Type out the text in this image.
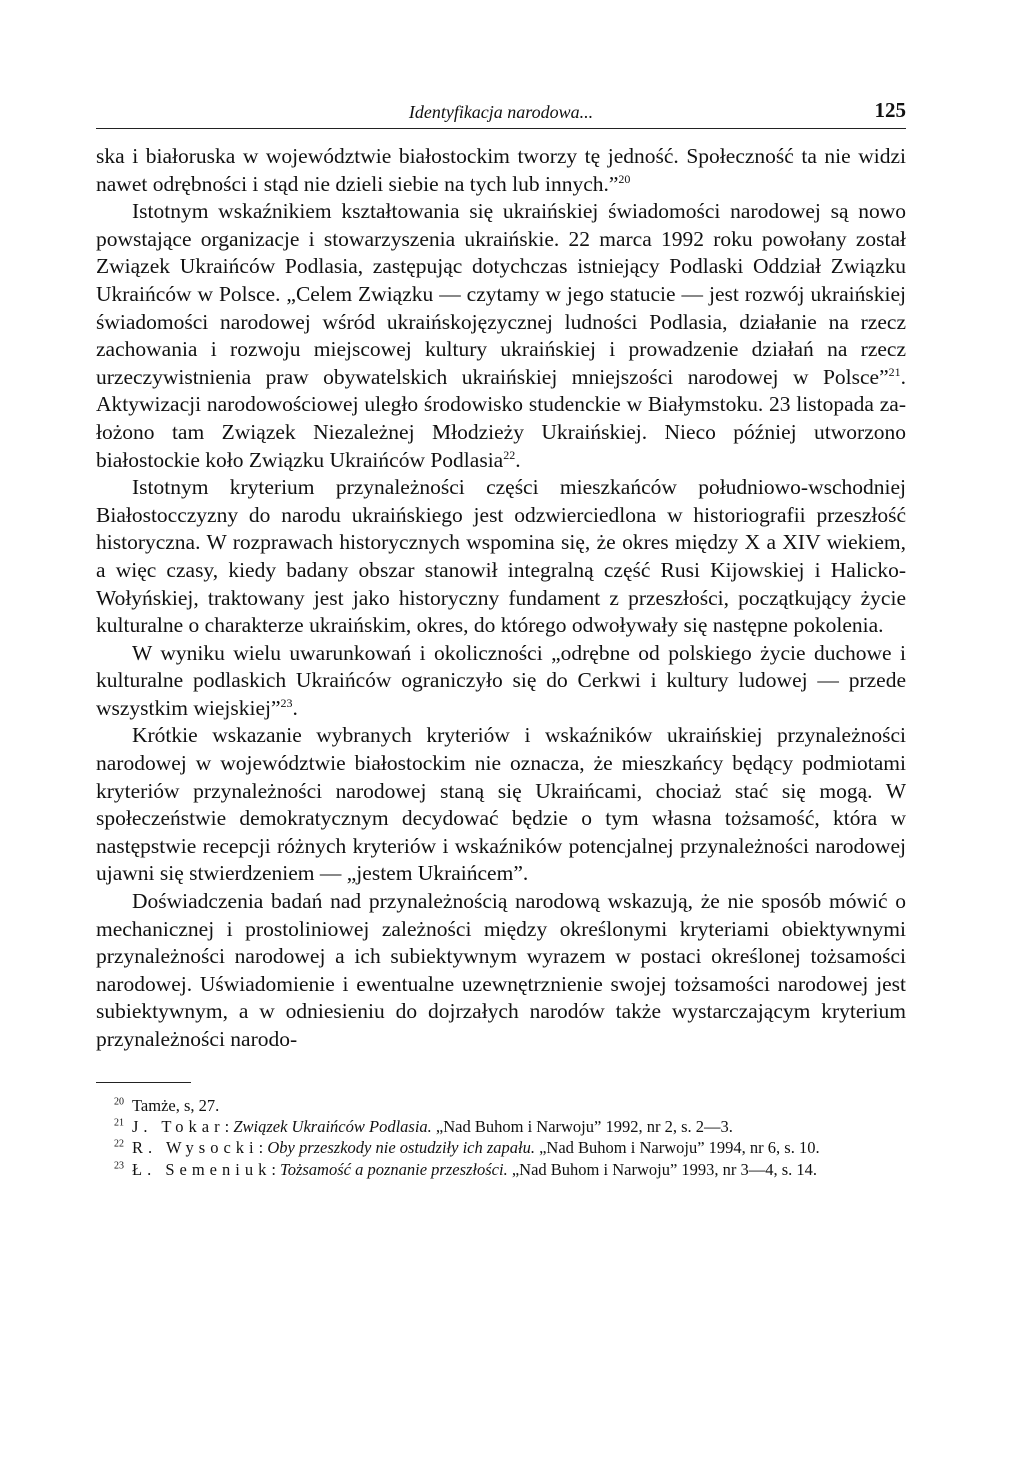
Identyfikacja narodowa...	125

ska i białoruska w województwie białostockim tworzy tę jedność. Społeczność ta nie widzi nawet odrębności i stąd nie dzieli siebie na tych lub innych.”$^{20}$

Istotnym wskaźnikiem kształtowania się ukraińskiej świadomości narodowej są nowo powstające organizacje i stowarzyszenia ukraińskie. 22 marca 1992 roku powołany został Związek Ukraińców Podlasia, zastępując dotychczas istniejący Podlaski Oddział Związku Ukraińców w Polsce. „Celem Związku — czytamy w jego statucie — jest rozwój ukraińskiej świadomości narodowej wśród ukraińskojęzycznej ludności Podlasia, działanie na rzecz zachowania i rozwoju miejscowej kultury ukraińskiej i prowadzenie działań na rzecz urzeczywistnienia praw obywatelskich ukraińskiej mniejszości narodowej w Polsce”$^{21}$. Aktywizacji narodowościowej uległo środowisko studenckie w Białymstoku. 23 listopada założono tam Związek Niezależnej Młodzieży Ukraińskiej. Nieco później utworzono białostockie koło Związku Ukraińców Podlasia$^{22}$.

Istotnym kryterium przynależności części mieszkańców południowo-wschodniej Białostocczyzny do narodu ukraińskiego jest odzwierciedlona w historiografii przeszłość historyczna. W rozprawach historycznych wspomina się, że okres między X a XIV wiekiem, a więc czasy, kiedy badany obszar stanowił integralną część Rusi Kijowskiej i Halicko-Wołyńskiej, traktowany jest jako historyczny fundament z przeszłości, początkujący życie kulturalne o charakterze ukraińskim, okres, do którego odwoływały się następne pokolenia.

W wyniku wielu uwarunkowań i okoliczności „odrębne od polskiego życie duchowe i kulturalne podlaskich Ukraińców ograniczyło się do Cerkwi i kultury ludowej — przede wszystkim wiejskiej”$^{23}$.

Krótkie wskazanie wybranych kryteriów i wskaźników ukraińskiej przynależności narodowej w województwie białostockim nie oznacza, że mieszkańcy będący podmiotami kryteriów przynależności narodowej staną się Ukraińcami, chociaż stać się mogą. W społeczeństwie demokratycznym decydować będzie o tym własna tożsamość, która w następstwie recepcji różnych kryteriów i wskaźników potencjalnej przynależności narodowej ujawni się stwierdzeniem — „jestem Ukraińcem”.

Doświadczenia badań nad przynależnością narodową wskazują, że nie sposób mówić o mechanicznej i prostoliniowej zależności między określonymi kryteriami obiektywnymi przynależności narodowej a ich subiektywnym wyrazem w postaci określonej tożsamości narodowej. Uświadomienie i ewentualne uzewnętrznienie swojej tożsamości narodowej jest subiektywnym, a w odniesieniu do dojrzałych narodów także wystarczającym kryterium przynależności narodo-

$^{20}$ Tamże, s, 27.

$^{21}$ J. Tokar: Związek Ukraińców Podlasia. „Nad Buhom i Narwoju” 1992, nr 2, s. 2—3.

$^{22}$ R. Wysocki: Oby przeszkody nie ostudziły ich zapału. „Nad Buhom i Narwoju” 1994, nr 6, s. 10.

$^{23}$ Ł. Semeniuk: Tożsamość a poznanie przeszłości. „Nad Buhom i Narwoju” 1993, nr 3—4, s. 14.
